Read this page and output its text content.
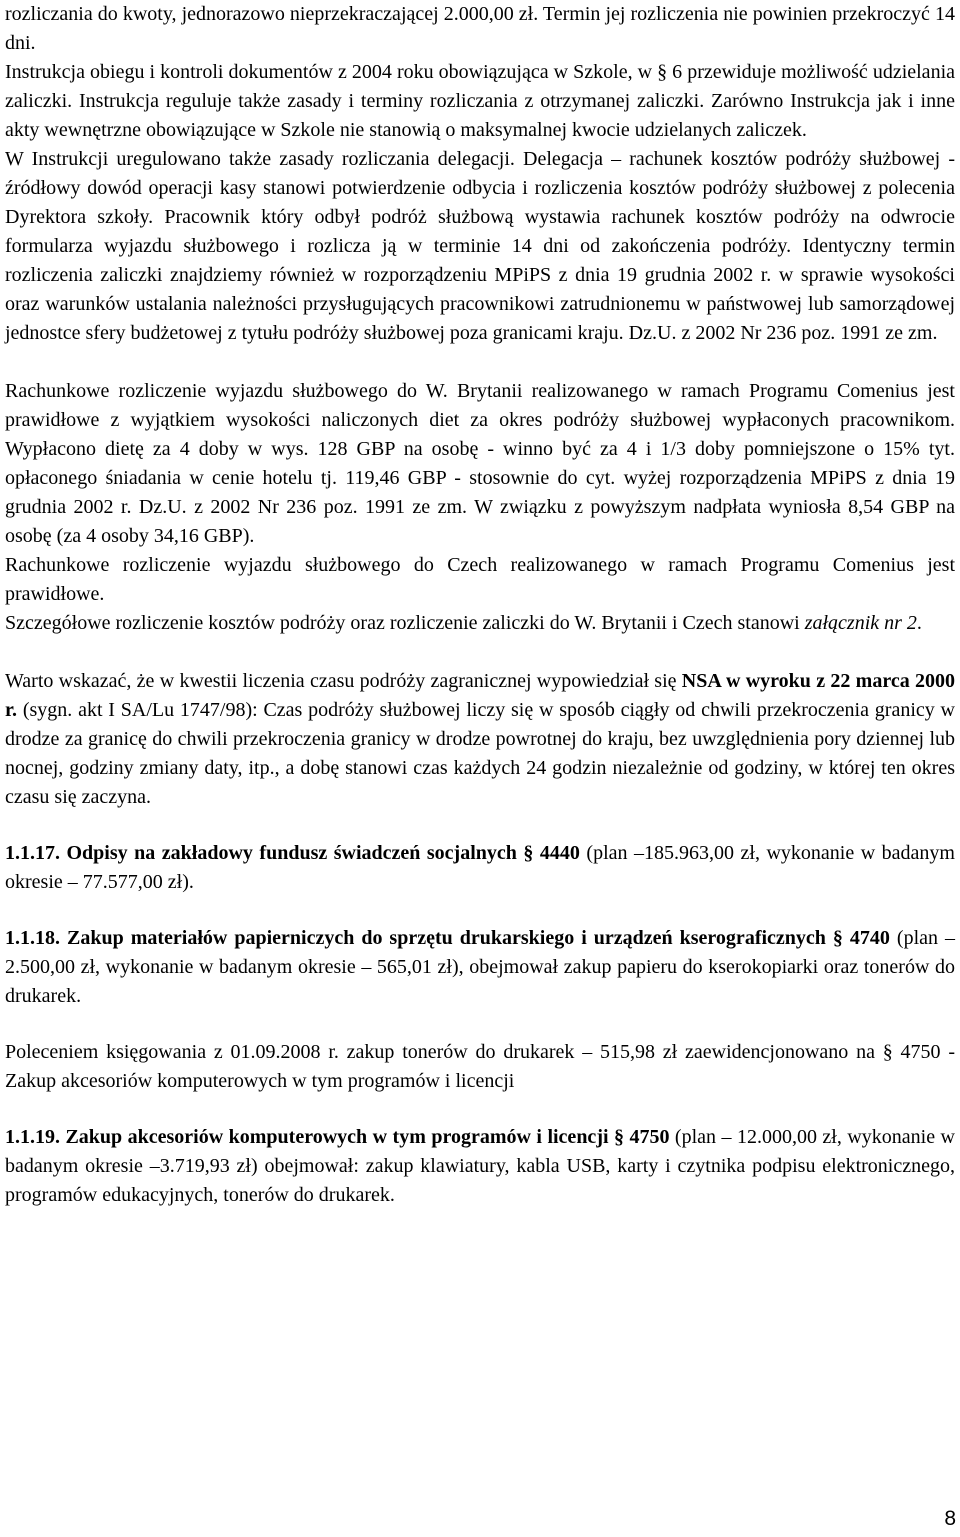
rozliczania do kwoty, jednorazowo nieprzekraczającej 2.000,00 zł. Termin jej rozliczenia nie powinien przekroczyć 14 dni.

Instrukcja obiegu i kontroli dokumentów z 2004 roku obowiązująca w Szkole, w § 6 przewiduje możliwość udzielania zaliczki. Instrukcja reguluje także zasady i terminy rozliczania z otrzymanej zaliczki. Zarówno Instrukcja jak i inne akty wewnętrzne obowiązujące w Szkole nie stanowią o maksymalnej kwocie udzielanych zaliczek.

W Instrukcji uregulowano także zasady rozliczania delegacji. Delegacja – rachunek kosztów podróży służbowej - źródłowy dowód operacji kasy stanowi potwierdzenie odbycia i rozliczenia kosztów podróży służbowej z polecenia Dyrektora szkoły. Pracownik który odbył podróż służbową wystawia rachunek kosztów podróży na odwrocie formularza wyjazdu służbowego i rozlicza ją w terminie 14 dni od zakończenia podróży. Identyczny termin rozliczenia zaliczki znajdziemy również w rozporządzeniu MPiPS z dnia 19 grudnia 2002 r. w sprawie wysokości oraz warunków ustalania należności przysługujących pracownikowi zatrudnionemu w państwowej lub samorządowej jednostce sfery budżetowej z tytułu podróży służbowej poza granicami kraju. Dz.U. z 2002 Nr 236 poz. 1991 ze zm.

Rachunkowe rozliczenie wyjazdu służbowego do W. Brytanii realizowanego w ramach Programu Comenius jest prawidłowe z wyjątkiem wysokości naliczonych diet za okres podróży służbowej wypłaconych pracownikom. Wypłacono dietę za 4 doby w wys. 128 GBP na osobę - winno być za 4 i 1/3 doby pomniejszone o 15% tyt. opłaconego śniadania w cenie hotelu tj. 119,46 GBP - stosownie do cyt. wyżej rozporządzenia MPiPS z dnia 19 grudnia 2002 r. Dz.U. z 2002 Nr 236 poz. 1991 ze zm. W związku z powyższym nadpłata wyniosła 8,54 GBP na osobę (za 4 osoby 34,16 GBP).

Rachunkowe rozliczenie wyjazdu służbowego do Czech realizowanego w ramach Programu Comenius jest prawidłowe.

Szczegółowe rozliczenie kosztów podróży oraz rozliczenie zaliczki do W. Brytanii i Czech stanowi załącznik nr 2.

Warto wskazać, że w kwestii liczenia czasu podróży zagranicznej wypowiedział się NSA w wyroku z 22 marca 2000 r. (sygn. akt I SA/Lu 1747/98): Czas podróży służbowej liczy się w sposób ciągły od chwili przekroczenia granicy w drodze za granicę do chwili przekroczenia granicy w drodze powrotnej do kraju, bez uwzględnienia pory dziennej lub nocnej, godziny zmiany daty, itp., a dobę stanowi czas każdych 24 godzin niezależnie od godziny, w której ten okres czasu się zaczyna.

1.1.17. Odpisy na zakładowy fundusz świadczeń socjalnych § 4440 (plan –185.963,00 zł, wykonanie w badanym okresie – 77.577,00 zł).

1.1.18. Zakup materiałów papierniczych do sprzętu drukarskiego i urządzeń kserograficznych § 4740 (plan – 2.500,00 zł, wykonanie w badanym okresie – 565,01 zł), obejmował zakup papieru do kserokopiarki oraz tonerów do drukarek.

Poleceniem księgowania z 01.09.2008 r. zakup tonerów do drukarek – 515,98 zł zaewidencjonowano na § 4750 - Zakup akcesoriów komputerowych w tym programów i licencji

1.1.19. Zakup akcesoriów komputerowych w tym programów i licencji § 4750 (plan – 12.000,00 zł, wykonanie w badanym okresie –3.719,93 zł) obejmował: zakup klawiatury, kabla USB, karty i czytnika podpisu elektronicznego, programów edukacyjnych, tonerów do drukarek.

8
